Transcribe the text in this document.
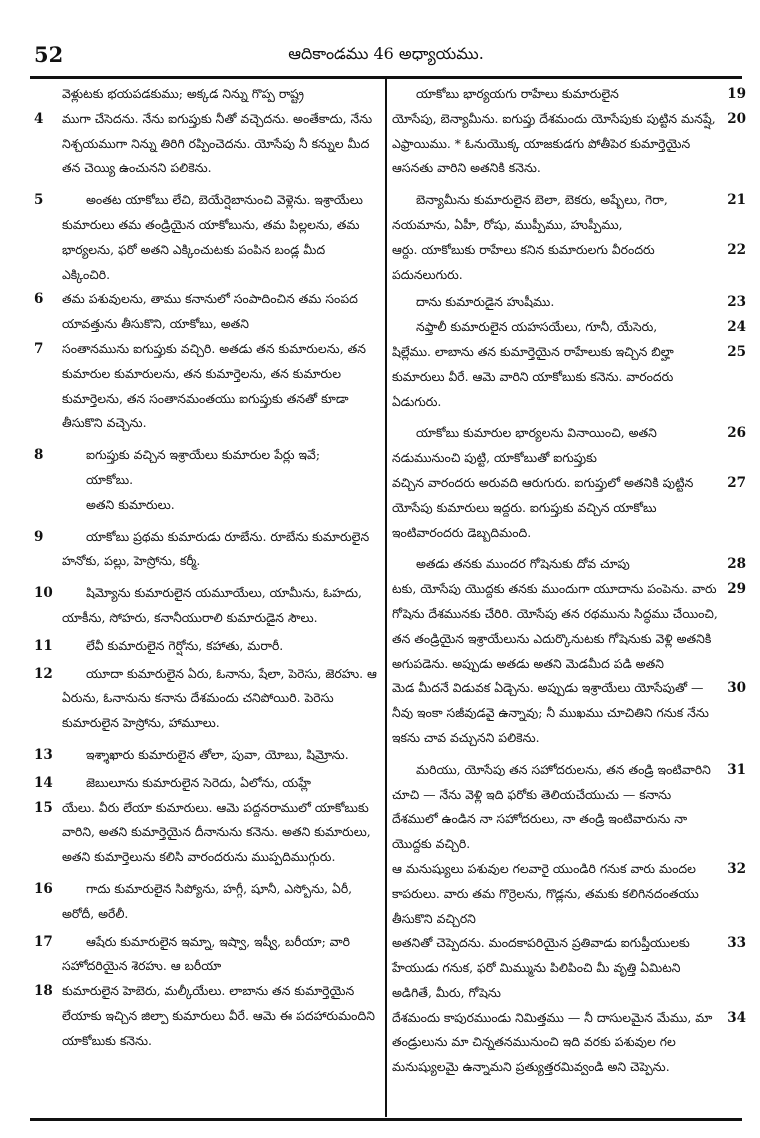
52	ఆదికాండము 46 అధ్యాయము.
వెళ్లుటకు భయపడకుము; అక్కడ నిన్ను గొప్ప రాష్ట్ర
4	ముగా చేసెదను. నేను ఐగుప్తుకు నీతో వచ్చెదను. అంతేకాదు, నేను నిశ్చయముగా నిన్ను తిరిగి రప్పించెదను. యోసేపు నీ కన్నుల మీద తన చెయ్యి ఉంచునని పలికెను.
5	అంతట యాకోబు లేచి, బెయేర్షెబానుంచి వెళ్లెను. ఇశ్రాయేలు కుమారులు తమ తండ్రియైన యాకోబును, తమ పిల్లలను, తమ భార్యలను, ఫరో అతని ఎక్కించుటకు పంపిన బండ్ల మీద ఎక్కించిరి.
6	తమ పశువులను, తాము కనానులో సంపాదించిన తమ సంపద యావత్తును తీసుకొని, యాకోబు, అతని
7	సంతానమును ఐగుప్తుకు వచ్చిరి. అతడు తన కుమారులను, తన కుమారుల కుమారులను, తన కుమార్తెలను, తన కుమారుల కుమార్తెలను, తన సంతానమంతయు ఐగుప్తుకు తనతో కూడా తీసుకొని వచ్చెను.
8	ఐగుప్తుకు వచ్చిన ఇశ్రాయేలు కుమారుల పేర్లు ఇవే;
యాకోబు.
అతని కుమారులు.
9	యాకోబు ప్రథమ కుమారుడు రూబేను. రూబేను కుమారులైన హనోకు, పల్లు, హెస్రోను, కర్మీ.
10	షిమ్యోను కుమారులైన యమూయేలు, యామీను, ఓహదు, యాకీను, సోహరు, కనానీయురాలి కుమారుడైన సౌలు.
11	లేవీ కుమారులైన గెర్షోను, కహాతు, మరారీ.
12	యూదా కుమారులైన ఏరు, ఓనాను, షేలా, పెరెసు, జెరహు. ఆ ఏరును, ఓనానును కనాను దేశమందు చనిపోయిరి. పెరెసు కుమారులైన హెస్రోను, హామూలు.
13	ఇశ్శాఖారు కుమారులైన తోలా, పువా, యోబు, షిమ్రోను.
14	జెబులూను కుమారులైన సెరెదు, ఏలోను, యహ్లే
15 యేలు. వీరు లేయా కుమారులు. ఆమె పద్దనరాములో యాకోబుకు వారిని, అతని కుమార్తెయైన దీనానును కనెను. అతని కుమారులు, అతని కుమార్తెలును కలిసి వారందరును ముప్పదిముగ్గురు.
16	గాదు కుమారులైన సిప్యోను, హగ్గీ, షూనీ, ఎస్బోను, ఏరీ, అరోదీ, అరేలీ.
17	ఆషేరు కుమారులైన ఇమ్నా, ఇష్వా, ఇష్వీ, బరీయా; వారి సహోదరియైన శెరహు. ఆ బరీయా
18 కుమారులైన హెబెరు, మల్కీయేలు. లాబాను తన కుమార్తెయైన లేయాకు ఇచ్చిన జిల్పా కుమారులు వీరే. ఆమె ఈ పదహారుమందిని యాకోబుకు కనెను.
19
యాకోబు భార్యయగు రాహేలు కుమారులైన
20
యోసేపు, బెన్యామీను. ఐగుప్తు దేశమందు యోసేపుకు పుట్టిన మనష్షే, ఎఫ్రాయిము. * ఓనుయొక్క యాజకుడగు పోతీపెర కుమార్తెయైన ఆసనతు వారిని అతనికి కనెను.
21
బెన్యామీను కుమారులైన బెలా, బెకరు, అష్బేలు, గెరా, నయమాను, ఏహీ, రోషు, ముప్పీము, హుప్పీము,
22
ఆర్దు. యాకోబుకు రాహేలు కనిన కుమారులగు వీరందరు పదునలుగురు.
23
దాను కుమారుడైన హుషీము.
24
నఫ్తాలీ కుమారులైన యహసయేలు, గూనీ, యేసెరు,
25
షిల్లేము. లాబాను తన కుమార్తెయైన రాహేలుకు ఇచ్చిన బిల్హా కుమారులు వీరే. ఆమె వారిని యాకోబుకు కనెను. వారందరు ఏడుగురు.
26
యాకోబు కుమారుల భార్యలను వినాయించి, అతని నడుమునుంచి పుట్టి, యాకోబుతో ఐగుప్తుకు
27
వచ్చిన వారందరు అరువది ఆరుగురు. ఐగుప్తులో అతనికి పుట్టిన యోసేపు కుమారులు ఇద్దరు. ఐగుప్తుకు వచ్చిన యాకోబు ఇంటివారందరు డెబ్బదిమంది.
28
అతడు తనకు ముందర గోషెనుకు దోవ చూపు
29
టకు, యోసేపు యొద్దకు తనకు ముందుగా యూదాను పంపెను. వారు గోషెను దేశమునకు చేరిరి. యోసేపు తన రథమును సిద్ధము చేయించి, తన తండ్రియైన ఇశ్రాయేలును ఎదుర్కొనుటకు గోషెనుకు వెళ్లి అతనికి అగుపడెను. అప్పుడు అతడు అతని మెడమీద పడి అతని
30
మెడ మీదనే విడువక ఏడ్చెను. అప్పుడు ఇశ్రాయేలు యోసేపుతో — నీవు ఇంకా సజీవుడవై ఉన్నావు; నీ ముఖము చూచితిని గనుక నేను ఇకను చావ వచ్చునని పలికెను.
31
మరియు, యోసేపు తన సహోదరులను, తన తండ్రి ఇంటివారిని చూచి — నేను వెళ్లి ఇది ఫరోకు తెలియచేయుచు — కనాను దేశములో ఉండిన నా సహోదరులు, నా తండ్రి ఇంటివారును నా యొద్దకు వచ్చిరి.
32
ఆ మనుష్యులు పశువుల గలవారై యుండిరి గనుక వారు మందల కాపరులు. వారు తమ గొర్రెలను, గొడ్లను, తమకు కలిగినదంతయు తీసుకొని వచ్చిరని
33
అతనితో చెప్పెదను. మందకాపరియైన ప్రతివాడు ఐగుప్తీయులకు హేయుడు గనుక, ఫరో మిమ్మును పిలిపించి మీ వృత్తి ఏమిటని అడిగితే, మీరు, గోషెను
34
దేశమందు కాపురముండు నిమిత్తము — నీ దాసులమైన మేము, మా తండ్రులును మా చిన్నతనమునుంచి ఇది వరకు పశువుల గల మనుష్యులమై ఉన్నామని ప్రత్యుత్తరమివ్వండి అని చెప్పెను.
